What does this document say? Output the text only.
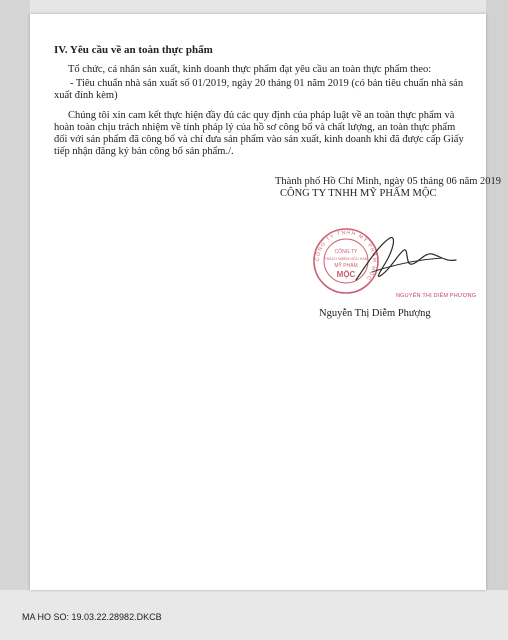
IV. Yêu cầu về an toàn thực phẩm
Tổ chức, cá nhân sản xuất, kinh doanh thực phẩm đạt yêu cầu an toàn thực phẩm theo:
- Tiêu chuẩn nhà sản xuất số 01/2019, ngày 20 tháng 01 năm 2019 (có bản tiêu chuẩn nhà sản
xuất đính kèm)
Chúng tôi xin cam kết thực hiện đầy đủ các quy định của pháp luật về an toàn thực phẩm và
hoàn toàn chịu trách nhiệm về tính pháp lý của hồ sơ công bố và chất lượng, an toàn thực phẩm
đối với sản phẩm đã công bố và chỉ đưa sản phẩm vào sản xuất, kinh doanh khi đã được cấp Giấy
tiếp nhận đăng ký bản công bố sản phẩm./.
Thành phố Hồ Chí Minh, ngày 05 tháng 06 năm 2019
CÔNG TY TNHH MỸ PHẨM MỘC
CÔNG TY TNHH MỸ PHẨM MỘC
CÔNG TY
TRÁCH NHIỆM HỮU HẠN
MỸ PHẨM
MỘC
NGUYỄN THỊ DIỄM PHƯỢNG
Nguyễn Thị Diễm Phượng
MA HO SO: 19.03.22.28982.DKCB
